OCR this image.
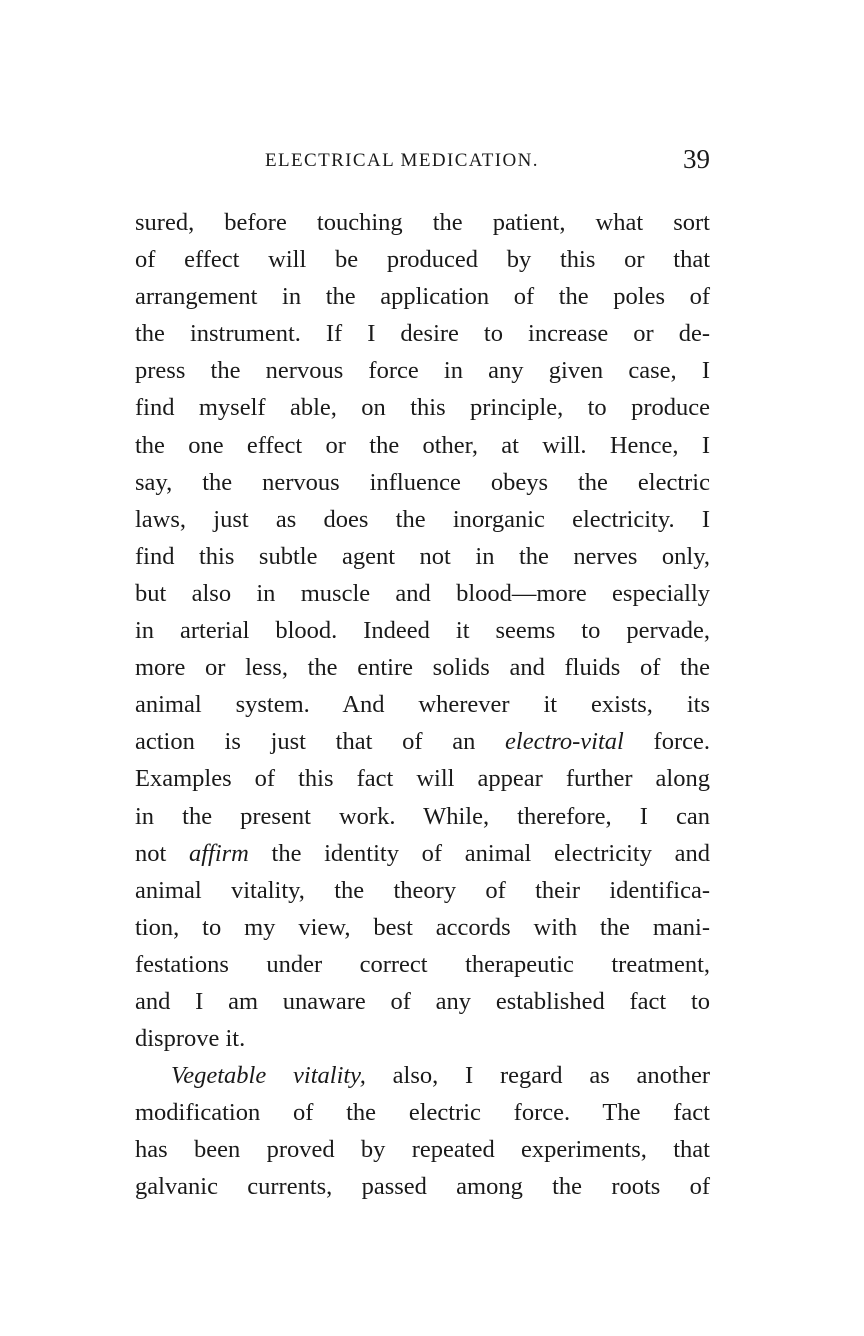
ELECTRICAL MEDICATION.	39
sured, before touching the patient, what sort
of effect will be produced by this or that
arrangement in the application of the poles of
the instrument. If I desire to increase or de-
press the nervous force in any given case, I
find myself able, on this principle, to produce
the one effect or the other, at will. Hence, I
say, the nervous influence obeys the electric
laws, just as does the inorganic electricity. I
find this subtle agent not in the nerves only,
but also in muscle and blood—more especially
in arterial blood. Indeed it seems to pervade,
more or less, the entire solids and fluids of the
animal system. And wherever it exists, its
action is just that of an electro-vital force.
Examples of this fact will appear further along
in the present work. While, therefore, I can
not affirm the identity of animal electricity and
animal vitality, the theory of their identifica-
tion, to my view, best accords with the mani-
festations under correct therapeutic treatment,
and I am unaware of any established fact to
disprove it.
Vegetable vitality, also, I regard as another
modification of the electric force. The fact
has been proved by repeated experiments, that
galvanic currents, passed among the roots of
